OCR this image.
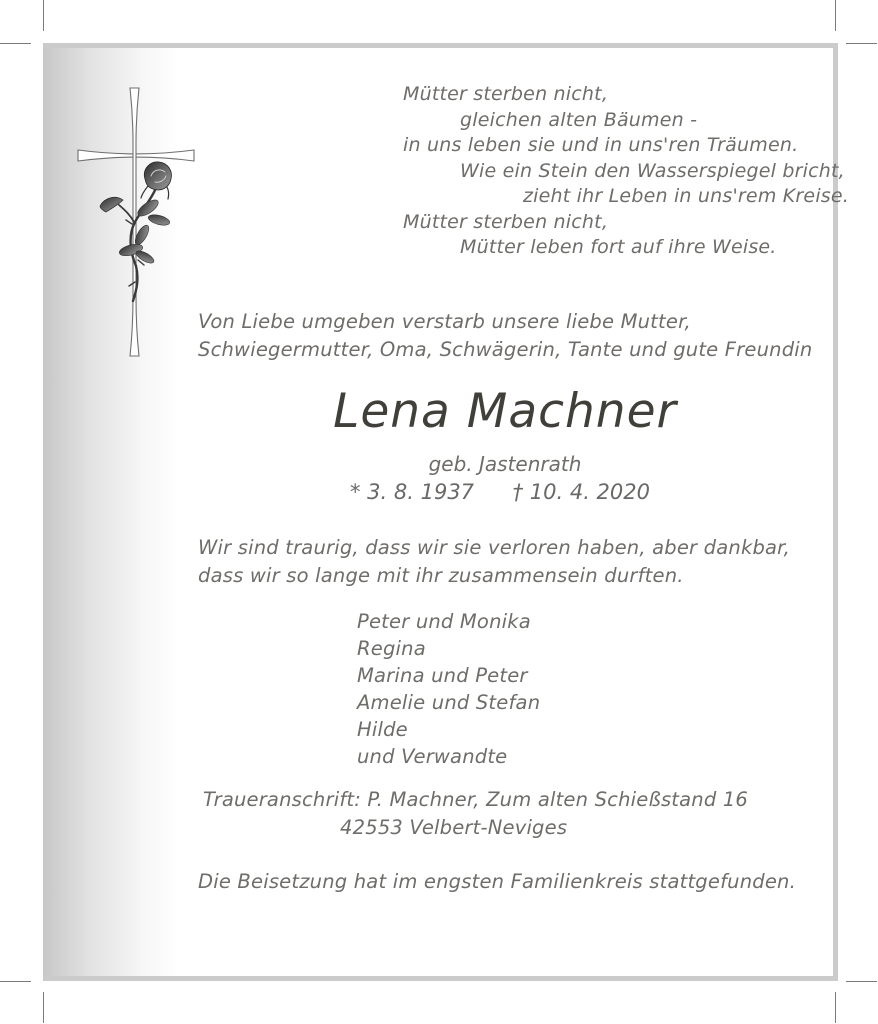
Mütter sterben nicht,
gleichen alten Bäumen -
in uns leben sie und in uns'ren Träumen.
Wie ein Stein den Wasserspiegel bricht,
zieht ihr Leben in uns'rem Kreise.
Mütter sterben nicht,
Mütter leben fort auf ihre Weise.
Von Liebe umgeben verstarb unsere liebe Mutter, Schwiegermutter, Oma, Schwägerin, Tante und gute Freundin
Lena Machner
geb. Jastenrath
* 3. 8. 1937 † 10. 4. 2020
Wir sind traurig, dass wir sie verloren haben, aber dankbar, dass wir so lange mit ihr zusammensein durften.
Peter und Monika
Regina
Marina und Peter
Amelie und Stefan
Hilde
und Verwandte
Traueranschrift: P. Machner, Zum alten Schießstand 16
42553 Velbert-Neviges
Die Beisetzung hat im engsten Familienkreis stattgefunden.
